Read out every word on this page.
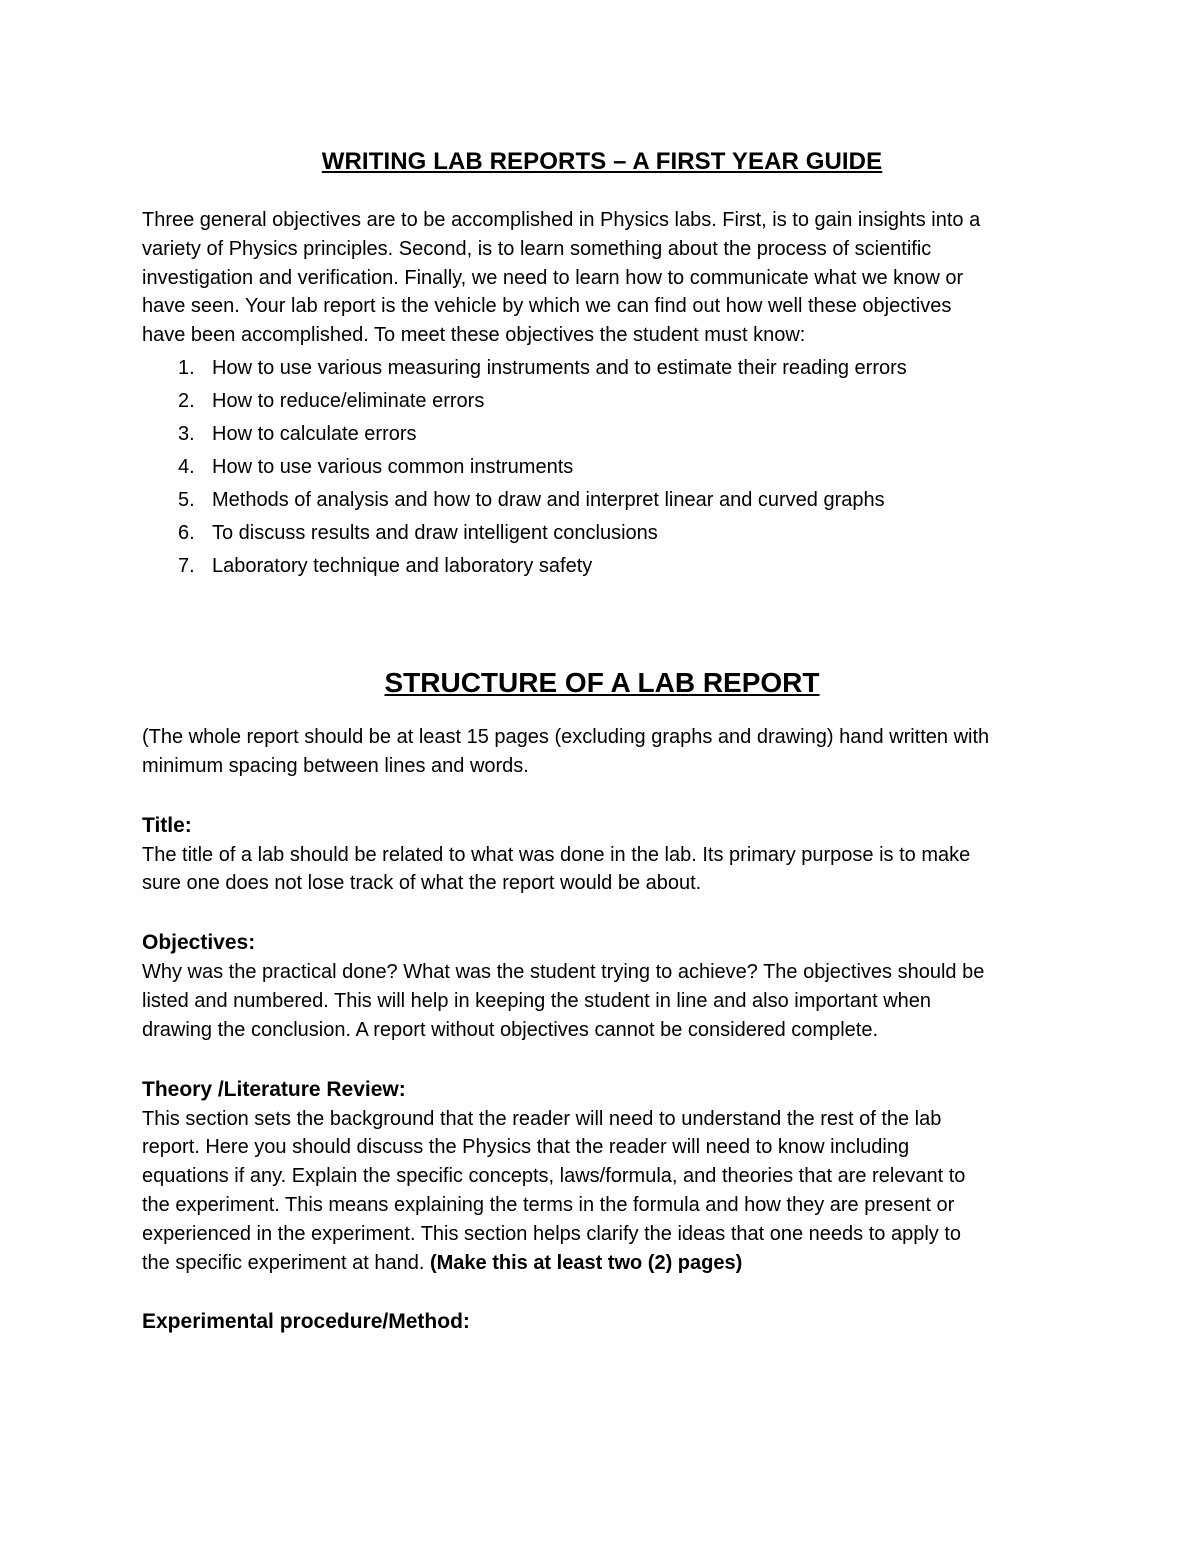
WRITING LAB REPORTS – A FIRST YEAR GUIDE
Three general objectives are to be accomplished in Physics labs. First, is to gain insights into a
variety of Physics principles. Second, is to learn something about the process of scientific
investigation and verification. Finally, we need to learn how to communicate what we know or
have seen. Your lab report is the vehicle by which we can find out how well these objectives
have been accomplished. To meet these objectives the student must know:
1. How to use various measuring instruments and to estimate their reading errors
2. How to reduce/eliminate errors
3. How to calculate errors
4. How to use various common instruments
5. Methods of analysis and how to draw and interpret linear and curved graphs
6. To discuss results and draw intelligent conclusions
7. Laboratory technique and laboratory safety
STRUCTURE OF A LAB REPORT
(The whole report should be at least 15 pages (excluding graphs and drawing) hand written with
minimum spacing between lines and words.
Title:
The title of a lab should be related to what was done in the lab. Its primary purpose is to make
sure one does not lose track of what the report would be about.
Objectives:
Why was the practical done? What was the student trying to achieve? The objectives should be
listed and numbered. This will help in keeping the student in line and also important when
drawing the conclusion. A report without objectives cannot be considered complete.
Theory /Literature Review:
This section sets the background that the reader will need to understand the rest of the lab
report. Here you should discuss the Physics that the reader will need to know including
equations if any. Explain the specific concepts, laws/formula, and theories that are relevant to
the experiment. This means explaining the terms in the formula and how they are present or
experienced in the experiment. This section helps clarify the ideas that one needs to apply to
the specific experiment at hand. (Make this at least two (2) pages)
Experimental procedure/Method:
